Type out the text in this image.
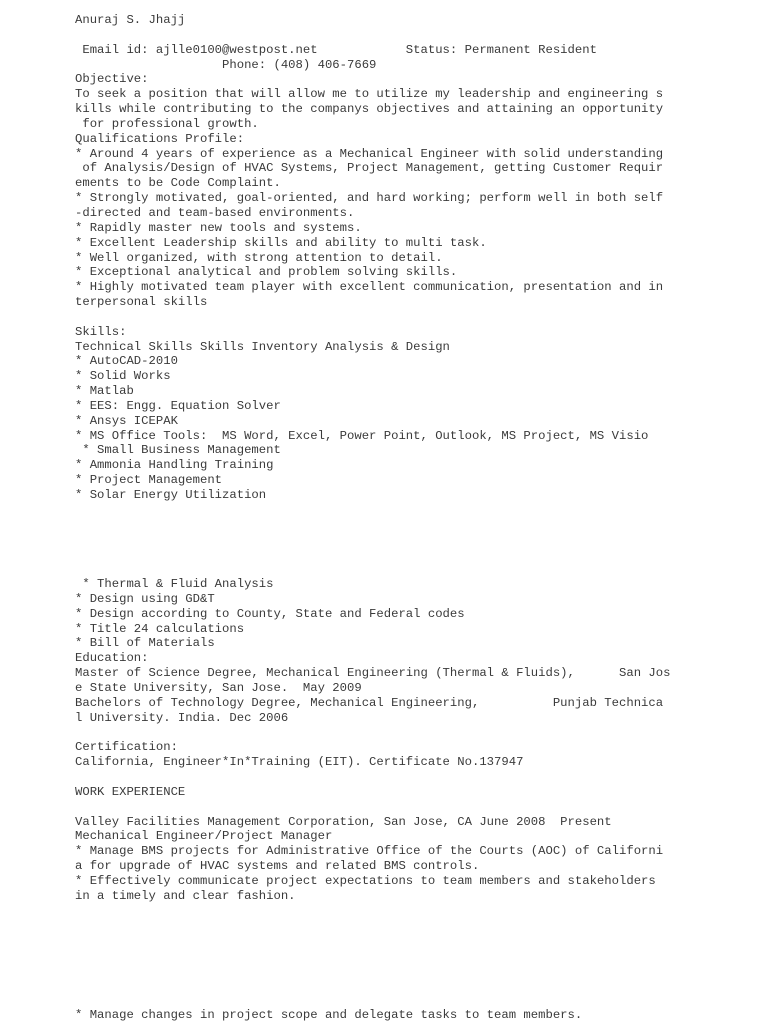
Anuraj S. Jhajj
Email id: ajlle0100@westpost.net            Status: Permanent Resident
Phone: (408) 406-7669
Objective:
To seek a position that will allow me to utilize my leadership and engineering s
kills while contributing to the companys objectives and attaining an opportunity
for professional growth.
Qualifications Profile:
* Around 4 years of experience as a Mechanical Engineer with solid understanding
of Analysis/Design of HVAC Systems, Project Management, getting Customer Requir
ements to be Code Complaint.
* Strongly motivated, goal-oriented, and hard working; perform well in both self
-directed and team-based environments.
* Rapidly master new tools and systems.
* Excellent Leadership skills and ability to multi task.
* Well organized, with strong attention to detail.
* Exceptional analytical and problem solving skills.
* Highly motivated team player with excellent communication, presentation and in
terpersonal skills
Skills:
Technical Skills Skills Inventory Analysis & Design
* AutoCAD-2010
* Solid Works
* Matlab
* EES: Engg. Equation Solver
* Ansys ICEPAK
* MS Office Tools:  MS Word, Excel, Power Point, Outlook, MS Project, MS Visio
* Small Business Management
* Ammonia Handling Training
* Project Management
* Solar Energy Utilization
* Thermal & Fluid Analysis
* Design using GD&T
* Design according to County, State and Federal codes
* Title 24 calculations
* Bill of Materials
Education:
Master of Science Degree, Mechanical Engineering (Thermal & Fluids),      San Jos
e State University, San Jose.  May 2009
Bachelors of Technology Degree, Mechanical Engineering,          Punjab Technica
l University. India. Dec 2006
Certification:
California, Engineer*In*Training (EIT). Certificate No.137947
WORK EXPERIENCE
Valley Facilities Management Corporation, San Jose, CA June 2008  Present
Mechanical Engineer/Project Manager
* Manage BMS projects for Administrative Office of the Courts (AOC) of Californi
a for upgrade of HVAC systems and related BMS controls.
* Effectively communicate project expectations to team members and stakeholders
in a timely and clear fashion.
* Manage changes in project scope and delegate tasks to team members.
